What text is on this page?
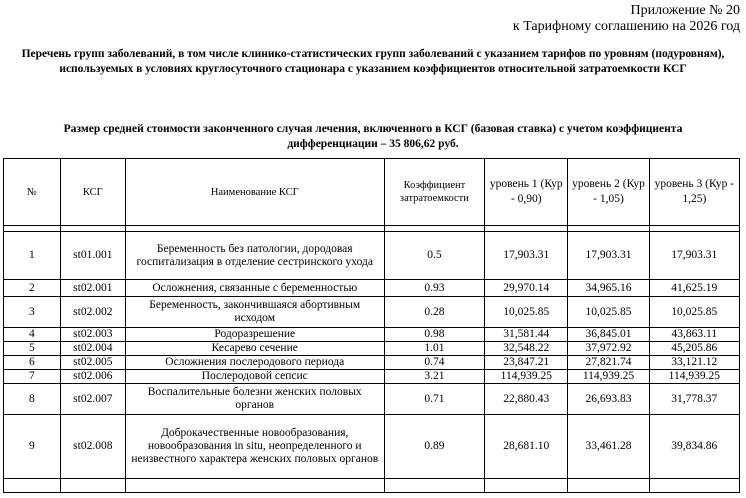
Приложение № 20
к Тарифному соглашению на 2026 год
Перечень групп заболеваний, в том числе клинико-статистических групп заболеваний с указанием тарифов по уровням (подуровням), используемых в условиях круглосуточного стационара с указанием коэффициентов относительной затратоемкости КСГ
Размер средней стоимости законченного случая лечения, включенного в КСГ (базовая ставка) с учетом коэффициента дифференциации – 35 806,62 руб.
№	КСГ	Наименование КСГ	Коэффициент затратоемкости	уровень 1 (Кур - 0,90)	уровень 2 (Кур - 1,05)	уровень 3 (Кур - 1,25)

1	st01.001	Беременность без патологии, дородовая госпитализация в отделение сестринского ухода	0.5	17,903.31	17,903.31	17,903.31
2	st02.001	Осложнения, связанные с беременностью	0.93	29,970.14	34,965.16	41,625.19
3	st02.002	Беременность, закончившаяся абортивным исходом	0.28	10,025.85	10,025.85	10,025.85
4	st02.003	Родоразрешение	0.98	31,581.44	36,845.01	43,863.11
5	st02.004	Кесарево сечение	1.01	32,548.22	37,972.92	45,205.86
6	st02.005	Осложнения послеродового периода	0.74	23,847.21	27,821.74	33,121.12
7	st02.006	Послеродовой сепсис	3.21	114,939.25	114,939.25	114,939.25
8	st02.007	Воспалительные болезни женских половых органов	0.71	22,880.43	26,693.83	31,778.37
9	st02.008	Доброкачественные новообразования, новообразования in situ, неопределенного и неизвестного характера женских половых органов	0.89	28,681.10	33,461.28	39,834.86
